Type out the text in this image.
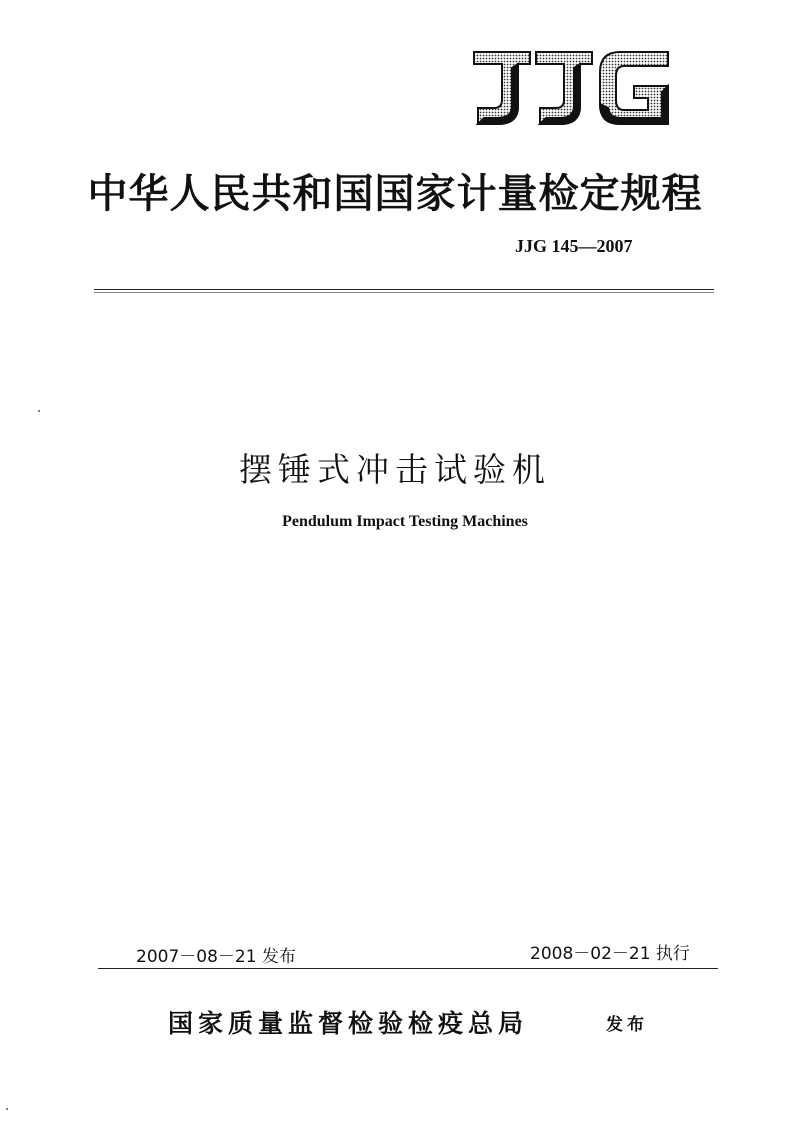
中华人民共和国国家计量检定规程
JJG 145—2007
摆锤式冲击试验机
Pendulum Impact Testing Machines
2007－08－21 发布	2008－02－21 执行
国家质量监督检验检疫总局	发布
